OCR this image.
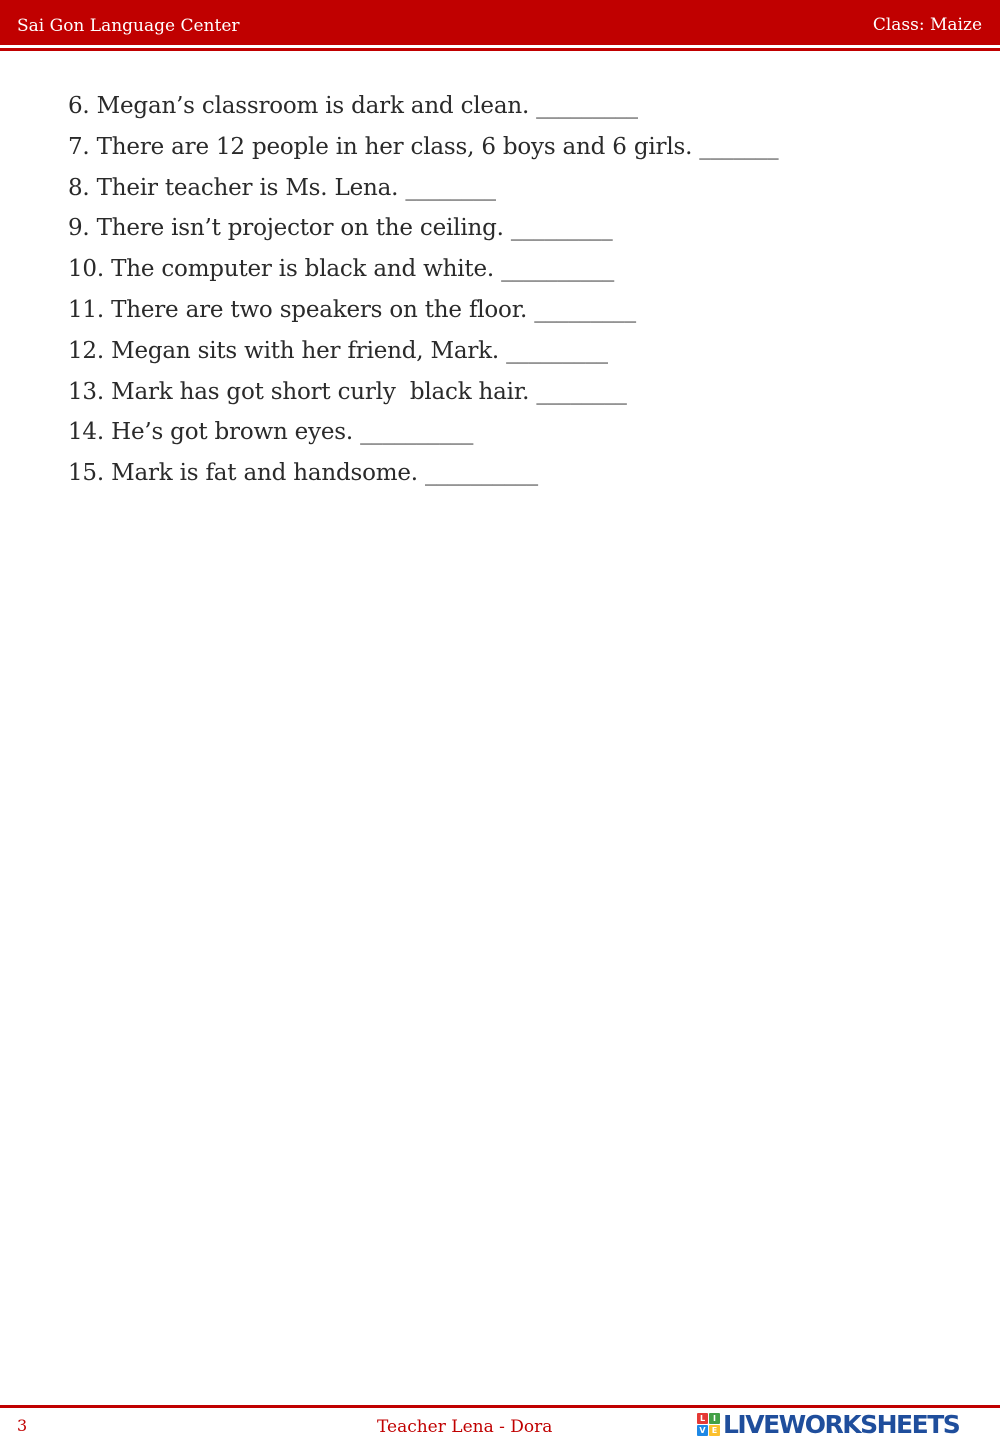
Sai Gon Language Center	Class: Maize
6. Megan’s classroom is dark and clean. _________
7. There are 12 people in her class, 6 boys and 6 girls. _______
8. Their teacher is Ms. Lena. ________
9. There isn’t projector on the ceiling. _________
10. The computer is black and white. __________
11. There are two speakers on the floor. _________
12. Megan sits with her friend, Mark. _________
13. Mark has got short curly  black hair. ________
14. He’s got brown eyes. __________
15. Mark is fat and handsome. __________
3	Teacher Lena - Dora	L I
V E LIVEWORKSHEETS
